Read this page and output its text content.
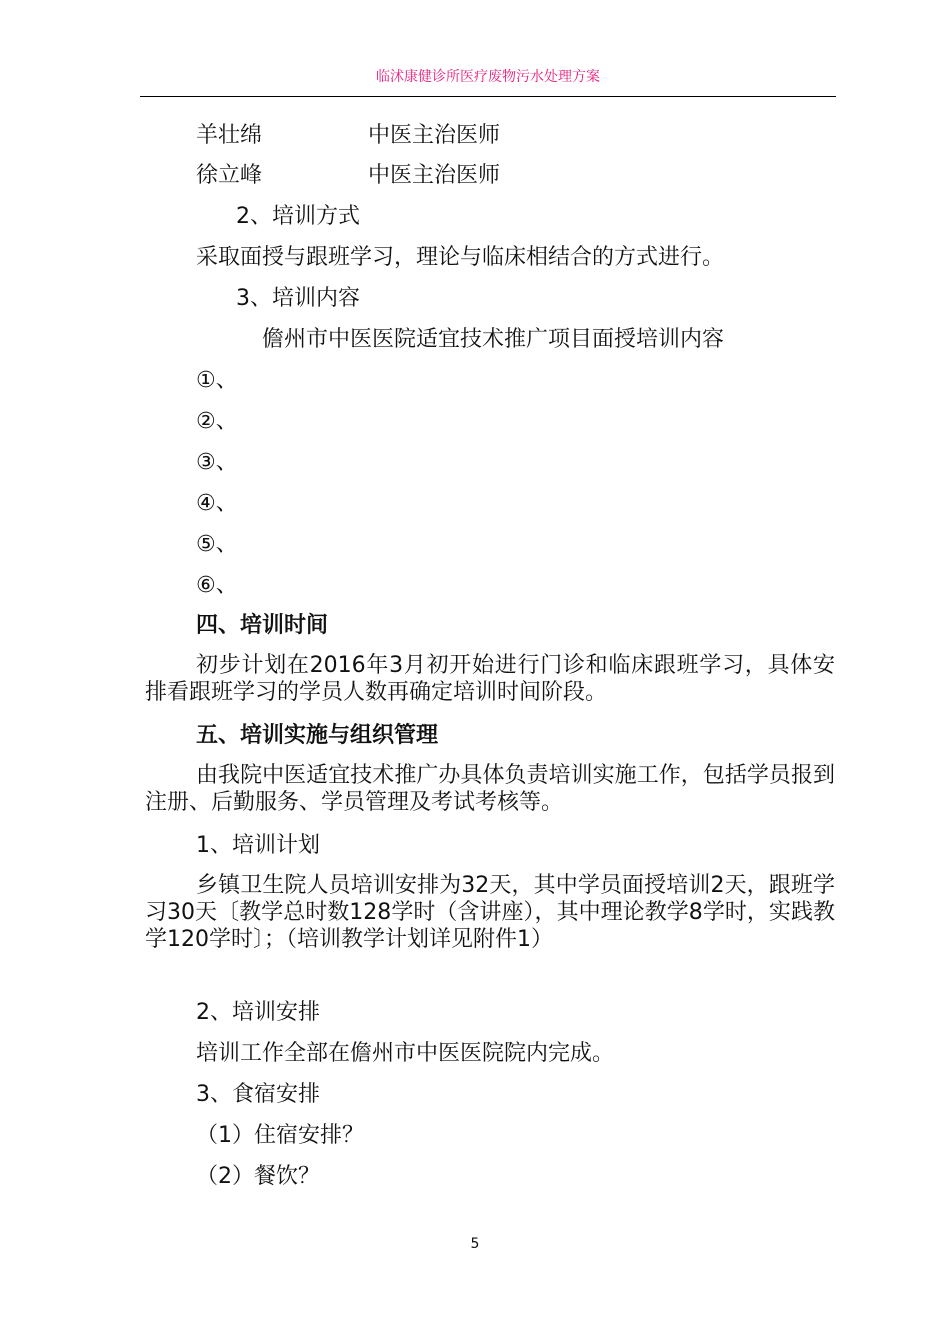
临沭康健诊所医疗废物污水处理方案
羊壮绵	中医主治医师
徐立峰	中医主治医师
2、培训方式
采取面授与跟班学习，理论与临床相结合的方式进行。
3、培训内容
儋州市中医医院适宜技术推广项目面授培训内容
①、
②、
③、
④、
⑤、
⑥、
四、培训时间
初步计划在2016年3月初开始进行门诊和临床跟班学习，具体安排看跟班学习的学员人数再确定培训时间阶段。
五、培训实施与组织管理
由我院中医适宜技术推广办具体负责培训实施工作，包括学员报到注册、后勤服务、学员管理及考试考核等。
1、培训计划
乡镇卫生院人员培训安排为32天，其中学员面授培训2天，跟班学习30天〔教学总时数128学时（含讲座），其中理论教学8学时，实践教学120学时〕；（培训教学计划详见附件1）
2、培训安排
培训工作全部在儋州市中医医院院内完成。
3、食宿安排
（1）住宿安排？
（2）餐饮？
5
